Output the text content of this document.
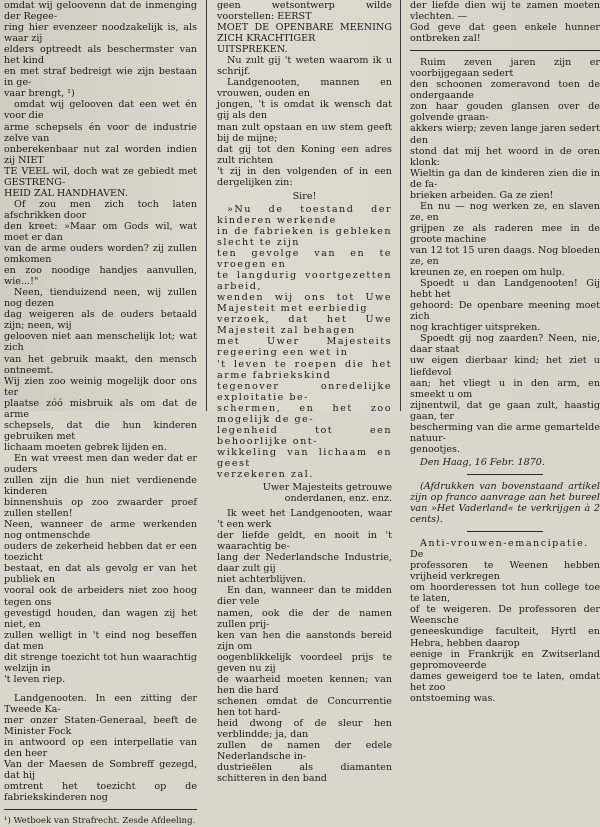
omdat wij geloovenn dat de inmenging der Regee-

ring hier evenzeer noodzakelijk is, als waar zij

elders optreedt als beschermster van het kind

en met straf bedreigt wie zijn bestaan in ge-

vaar brengt, ¹)

omdat wij gelooven dat een wet én voor die

arme schepsels én voor de industrie zelve van

onberekenbaar nut zal worden indien zij NIET

TE VEEL wil, doch wat ze gebiedt met GESTRENG-

HEID ZAL HANDHAVEN.

Of zou men zich toch laten afschrikken door

den kreet: »Maar om Gods wil, wat moet er dan

van de arme ouders worden? zij zullen omkomen

en zoo noodige handjes aanvullen, wie...!"

Neen, tienduizend neen, wij zullen nog dezen

dag weigeren als de ouders betaald zijn; neen, wij

gelooven niet aan menschelijk lot; wat zich

van het gebruik maakt, den mensch ontneemt.

Wij zien zoo weinig mogelijk door ons ter

plaatse zóó misbruik als om dat de arme

schepsels, dat die hun kinderen gebruiken met

lichaam moeten gebrek lijden en.

En wat vreest men dan weder dat er ouders

zullen zijn die hun niet verdienende kinderen

binnenshuis op zoo zwaarder proef zullen stellen!

Neen, wanneer de arme werkenden nog ontmenschde

ouders de zekerheid hebben dat er een toezicht

bestaat, en dat als gevolg er van het publiek en

vooral ook de arbeiders niet zoo hoog tegen ons

gevestigd houden, dan wagen zij het niet, en

zullen welligt in 't eind nog beseffen dat men

dit strenge toezicht tot hun waarachtig welzijn in

't leven riep.

Landgenooten. In een zitting der Tweede Ka-

mer onzer Staten-Generaal, beeft de Minister Fock

in antwoord op een interpellatie van den heer

Van der Maesen de Sombreff gezegd, dat hij

omtrent het toezicht op de fabriekskinderen nog

¹) Wetboek van Strafrecht. Zesde Afdeeling.

geen wetsontwerp wilde voorstellen: EERST

MOET DE OPENBARE MEENING ZICH KRACHTIGER

UITSPREKEN.

Nu zult gij 't weten waarom ik u schrijf.

Landgenooten, mannen en vrouwen, ouden en

jongen, 't is omdat ik wensch dat gij als den

man zult opstaan en uw stem geeft bij de mijne;

dat gij tot den Koning een adres zult richten

't zij in den volgenden of in een dergelijken zin:

Sire!

»Nu de toestand der kinderen werkende

in de fabrieken is gebleken slecht te zijn

ten gevolge van en te vroegen en

te langdurig voortgezetten arbeid,

wenden wij ons tot Uwe Majesteit met eerbiedig

verzoek, dat het Uwe Majesteit zal behagen

met Uwer Majesteits regeering een wet in

't leven te roepen die het arme fabriekskind

tegenover onredelijke exploitatie be-

schermen, en het zoo mogelijk de ge-

legenheid tot een behoorlijke ont-

wikkeling van lichaam en geest

verzekeren zal.

Uwer Majesteits getrouwe

onderdanen, enz. enz.

Ik weet het Landgenooten, waar 't een werk

der liefde geldt, en nooit in 't waarachtig be-

lang der Nederlandsche Industrie, daar zult gij

niet achterblijven.

En dan, wanneer dan te midden dier vele

namen, ook die der de namen zullen prij-

ken van hen die aanstonds bereid zijn om

oogenblikkelijk voordeel prijs te geven nu zij

de waarheid moeten kennen; van hen die hard

schenen omdat de Concurrentie hen tot hard-

heid dwong of de sleur hen verblindde; ja, dan

zullen de namen der edele Nederlandsche in-

dustrieëlen als diamanten schitteren in den band

der liefde dien wij te zamen moeten vlechten. —

God geve dat geen enkele hunner ontbreken zal!

Ruim zeven jaren zijn er voorbijgegaan sedert

den schoonen zomeravond toen de ondergaande

zon haar gouden glansen over de golvende graan-

akkers wierp; zeven lange jaren sedert den

stond dat mij het woord in de oren klonk:

Wieltin ga dan de kinderen zien die in de fa-

brieken arbeiden. Ga ze zien!

En nu — nog werken ze, en slaven ze, en

grijpen ze als raderen mee in de groote machine

van 12 tot 15 uren daags. Nog bloeden ze, en

kreunen ze, en roepen om hulp.

Spoedt u dan Landgenooten! Gij hebt het

gehoord: De openbare meening moet zich

nog krachtiger uitspreken.

Spoedt gij nog zaarden? Neen, nie, daar staat

uw eigen dierbaar kind; het ziet u liefdevol

aan; het vliegt u in den arm, en smeekt u om

zijnentwil, dat ge gaan zult, haastig gaan, ter

bescherming van die arme gemartelde natuur-

genootjes.

Den Haag, 16 Febr. 1870.

(Afdrukken van bovenstaand artikel zijn op franco aanvrage aan het bureel van »Het Vaderland« te verkrijgen à 2 cents).

Anti-vrouwen-emancipatie. De

professoren te Weenen hebben vrijheid verkregen

om hoorderessen tot hun college toe te laten,

of te weigeren. De professoren der Weensche

geneeskundige faculteit, Hyrtl en Hebra, hebben daarop

eenige in Frankrijk en Zwitserland gepromoveerde

dames geweigerd toe te laten, omdat het zoo

ontstoeming was.
